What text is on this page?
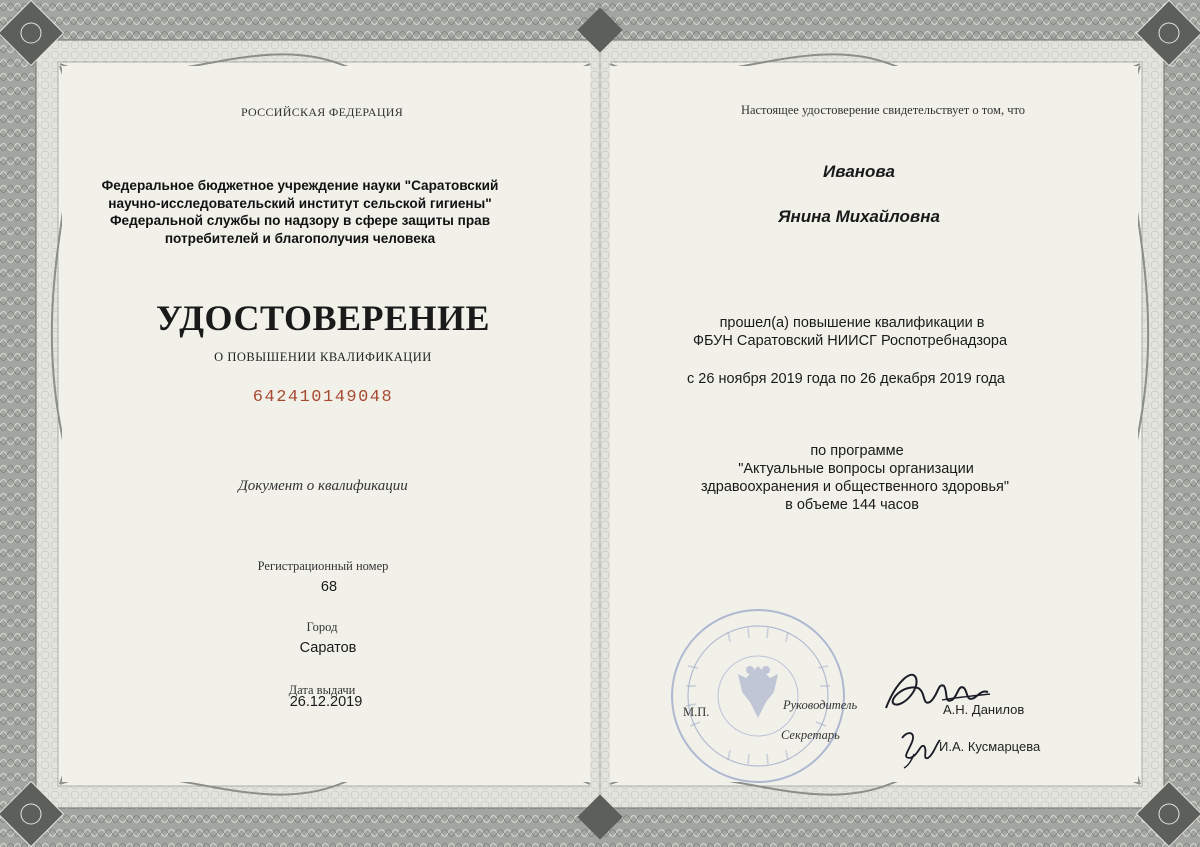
РОССИЙСКАЯ ФЕДЕРАЦИЯ

Федеральное бюджетное учреждение науки "Саратовский
научно-исследовательский институт сельской гигиены"
Федеральной службы по надзору в сфере защиты прав
потребителей и благополучия человека

УДОСТОВЕРЕНИЕ

О ПОВЫШЕНИИ КВАЛИФИКАЦИИ

642410149048

Документ о квалификации

Регистрационный номер

68

Город

Саратов

Дата выдачи

26.12.2019

Настоящее удостоверение свидетельствует о том, что

Иванова

Янина Михайловна

прошел(а) повышение квалификации в

ФБУН Саратовский НИИСГ Роспотребнадзора

с 26 ноября 2019 года по 26 декабря 2019 года

по программе

"Актуальные вопросы организации

здравоохранения и общественного здоровья"

в объеме 144 часов

М.П.	Руководитель

Секретарь

А.Н. Данилов

И.А. Кусмарцева
